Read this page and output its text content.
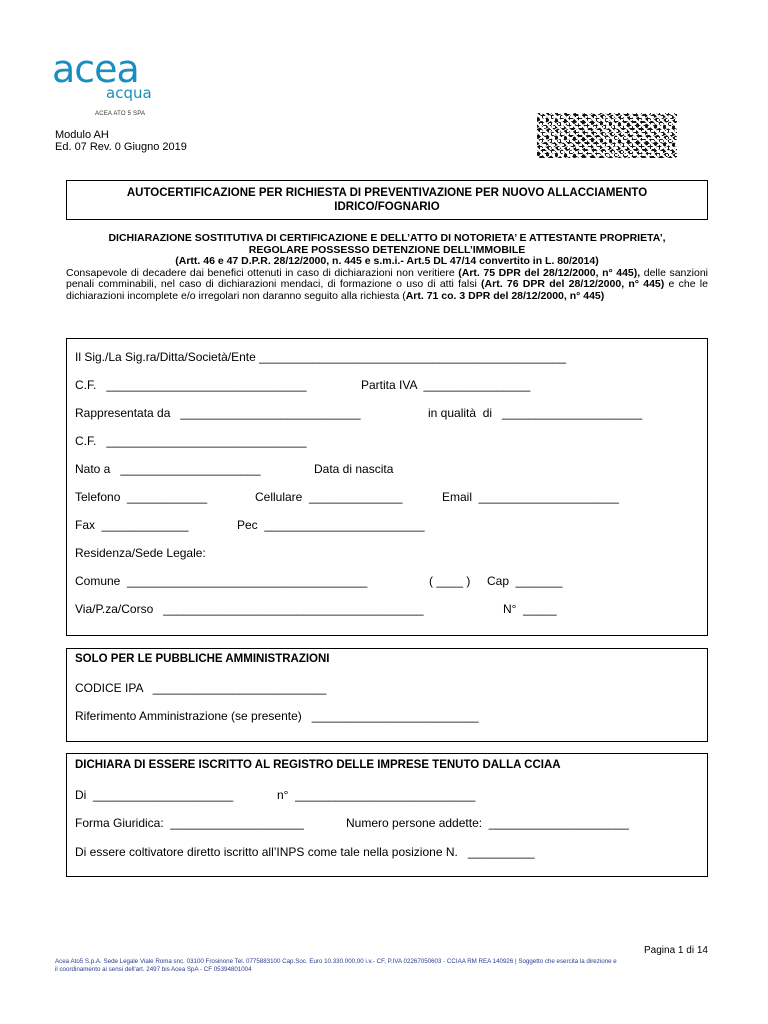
acea
acqua
ACEA ATO 5 SPA
Modulo AH
Ed. 07 Rev. 0 Giugno 2019
AUTOCERTIFICAZIONE PER RICHIESTA DI PREVENTIVAZIONE PER NUOVO ALLACCIAMENTO
IDRICO/FOGNARIO
DICHIARAZIONE SOSTITUTIVA DI CERTIFICAZIONE E DELL’ATTO DI NOTORIETA’ E ATTESTANTE PROPRIETA’,
REGOLARE POSSESSO DETENZIONE DELL’IMMOBILE
(Artt. 46 e 47 D.P.R. 28/12/2000, n. 445 e s.m.i.- Art.5 DL 47/14 convertito in L. 80/2014)
Consapevole di decadere dai benefici ottenuti in caso di dichiarazioni non veritiere (Art. 75 DPR del 28/12/2000, n° 445), delle sanzioni penali comminabili, nel caso di dichiarazioni mendaci, di formazione o uso di atti falsi (Art. 76 DPR del 28/12/2000, n° 445) e che le dichiarazioni incomplete e/o irregolari non daranno seguito alla richiesta (Art. 71 co. 3 DPR del 28/12/2000, n° 445)
Il Sig./La Sig.ra/Ditta/Società/Ente ______________________________________________
C.F.   ______________________________	Partita IVA  ________________
Rappresentata da   ___________________________	in qualità  di   _____________________
C.F.   ______________________________
Nato a   _____________________	Data di nascita
Telefono  ____________	Cellulare  ______________	Email  _____________________
Fax  _____________	Pec  ________________________
Residenza/Sede Legale:
Comune  ____________________________________	( ____ ) Cap  _______
Via/P.za/Corso   _______________________________________	N°  _____
SOLO PER LE PUBBLICHE AMMINISTRAZIONI
CODICE IPA   __________________________
Riferimento Amministrazione (se presente)   _________________________
DICHIARA DI ESSERE ISCRITTO AL REGISTRO DELLE IMPRESE TENUTO DALLA CCIAA
Di  _____________________	n°  ___________________________
Forma Giuridica:  ____________________	Numero persone addette:  _____________________
Di essere coltivatore diretto iscritto all’INPS come tale nella posizione N.   __________
Pagina 1 di 14
Acea Ato5 S.p.A. Sede Legale Viale Roma snc. 03100 Frosinone Tel. 0775883100 Cap.Soc. Euro 10.330.000,00 i.v.- CF, P.IVA 02267050603 - CCIAA RM REA 140926 | Soggetto che esercita la direzione e
il coordinamento ai sensi dell'art. 2497 bis Acea SpA - CF 05394801004
